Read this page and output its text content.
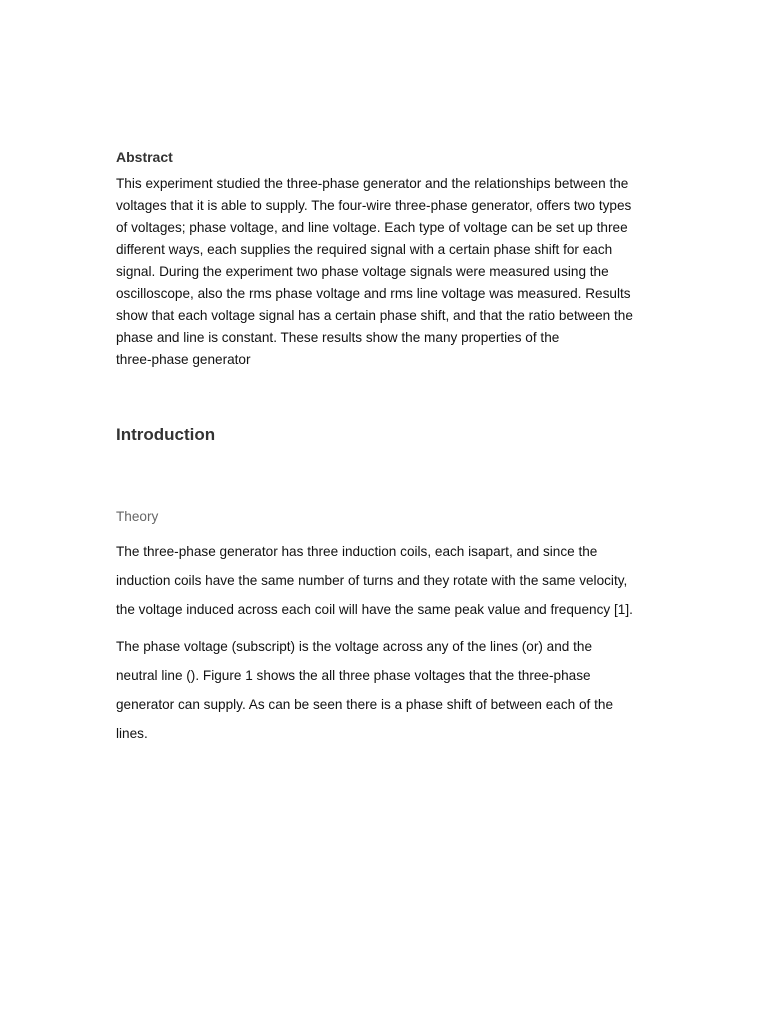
Abstract

This experiment studied the three-phase generator and the relationships between the
voltages that it is able to supply. The four-wire three-phase generator, offers two types
of voltages; phase voltage, and line voltage. Each type of voltage can be set up three
different ways, each supplies the required signal with a certain phase shift for each
signal. During the experiment two phase voltage signals were measured using the
oscilloscope, also the rms phase voltage and rms line voltage was measured. Results
show that each voltage signal has a certain phase shift, and that the ratio between the
phase and line is constant. These results show the many properties of the
three-phase generator

Introduction
Theory

The three-phase generator has three induction coils, each isapart, and since the
induction coils have the same number of turns and they rotate with the same velocity,
the voltage induced across each coil will have the same peak value and frequency [1].

The phase voltage (subscript) is the voltage across any of the lines (or) and the
neutral line (). Figure 1 shows the all three phase voltages that the three-phase
generator can supply. As can be seen there is a phase shift of between each of the
lines.
